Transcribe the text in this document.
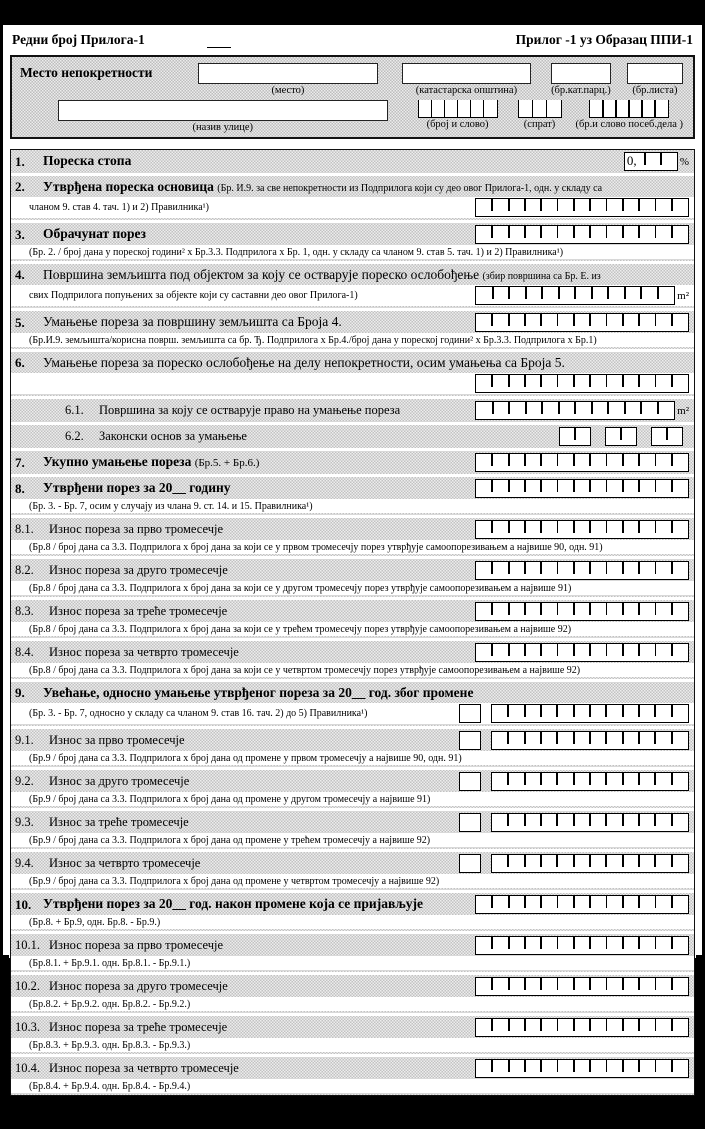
Редни број Прилога-1	Прилог -1 уз Образац ППИ-1
Место непокретности
(место)	(катастарска општина)	(бр.кат.парц.) (бр.листа)
(назив улице)	(број и слово)	(спрат) (бр.и слово посеб.дела )
1.	Пореска стопа	0,	%
2.	Утврђена пореска основица (Бр. И.9. за све непокретности из Подприлога који су део овог Прилога-1, одн. у складу са
чланом 9. став 4. тач. 1) и 2) Правилника¹)
3.	Обрачунат порез
(Бр. 2. / број дана у пореској години² х Бр.3.3. Подприлога х Бр. 1, одн. у складу са чланом 9. став 5. тач. 1) и 2) Правилника¹)
4.	Површина земљишта под објектом за коју се остварује пореско ослобођење (збир површина са Бр. Е. из
свих Подприлога попуњених за објекте који су саставни део овог Прилога-1)	m²
5.	Умањење пореза за површину земљишта са Броја 4.
(Бр.И.9. земљишта/корисна површ. земљишта са бр. Ђ. Подприлога х Бр.4./број дана у пореској години² х Бр.3.3. Подприлога х Бр.1)
6.	Умањење пореза за пореско ослобођење на делу непокретности, осим умањења са Броја 5.
6.1.	Површина за коју се остварује право на умањење пореза	m²
6.2.	Законски основ за умањење
7.	Укупно умањење пореза (Бр.5. + Бр.6.)
8.	Утврђени порез за 20__ годину
(Бр. 3. - Бр. 7, осим у случају из члана 9. ст. 14. и 15. Правилника¹)
8.1.	Износ пореза за прво тромесечје
(Бр.8 / број дана са 3.3. Подприлога х број дана за који се у првом тромесечју порез утврђује самоопорезивањем а највише 90, одн. 91)
8.2.	Износ пореза за друго тромесечје
(Бр.8 / број дана са 3.3. Подприлога х број дана за који се у другом тромесечју порез утврђује самоопорезивањем а највише 91)
8.3.	Износ пореза за треће тромесечје
(Бр.8 / број дана са 3.3. Подприлога х број дана за који се у трећем тромесечју порез утврђује самоопорезивањем а највише 92)
8.4.	Износ пореза за четврто тромесечје
(Бр.8 / број дана са 3.3. Подприлога х број дана за који се у четвртом тромесечју порез утврђује самоопорезивањем а највише 92)
9.	Увећање, односно умањење утврђеног пореза за 20__ год. због промене
(Бр. 3. - Бр. 7, односно у складу са чланом 9. став 16. тач. 2) до 5) Правилника¹)
9.1.	Износ за прво тромесечје
(Бр.9 / број дана са 3.3. Подприлога х број дана од промене у првом тромесечју а највише 90, одн. 91)
9.2.	Износ за друго тромесечје
(Бр.9 / број дана са 3.3. Подприлога х број дана од промене у другом тромесечју а највише 91)
9.3.	Износ за треће тромесечје
(Бр.9 / број дана са 3.3. Подприлога х број дана од промене у трећем тромесечју а највише 92)
9.4.	Износ за четврто тромесечје
(Бр.9 / број дана са 3.3. Подприлога х број дана од промене у четвртом тромесечју а највише 92)
10. Утврђени порез за 20__ год. након промене која се пријављује
(Бр.8. + Бр.9, одн. Бр.8. - Бр.9.)
10.1. Износ пореза за прво тромесечје
(Бр.8.1. + Бр.9.1. одн. Бр.8.1. - Бр.9.1.)
10.2. Износ пореза за друго тромесечје
(Бр.8.2. + Бр.9.2. одн. Бр.8.2. - Бр.9.2.)
10.3. Износ пореза за треће тромесечје
(Бр.8.3. + Бр.9.3. одн. Бр.8.3. - Бр.9.3.)
10.4. Износ пореза за четврто тромесечје
(Бр.8.4. + Бр.9.4. одн. Бр.8.4. - Бр.9.4.)
1 - правилник којим се уређују обрасци пореских пријава за утврђивање, односно о утврђеном порезу на имовину
2 - 365, односно 366 дана
